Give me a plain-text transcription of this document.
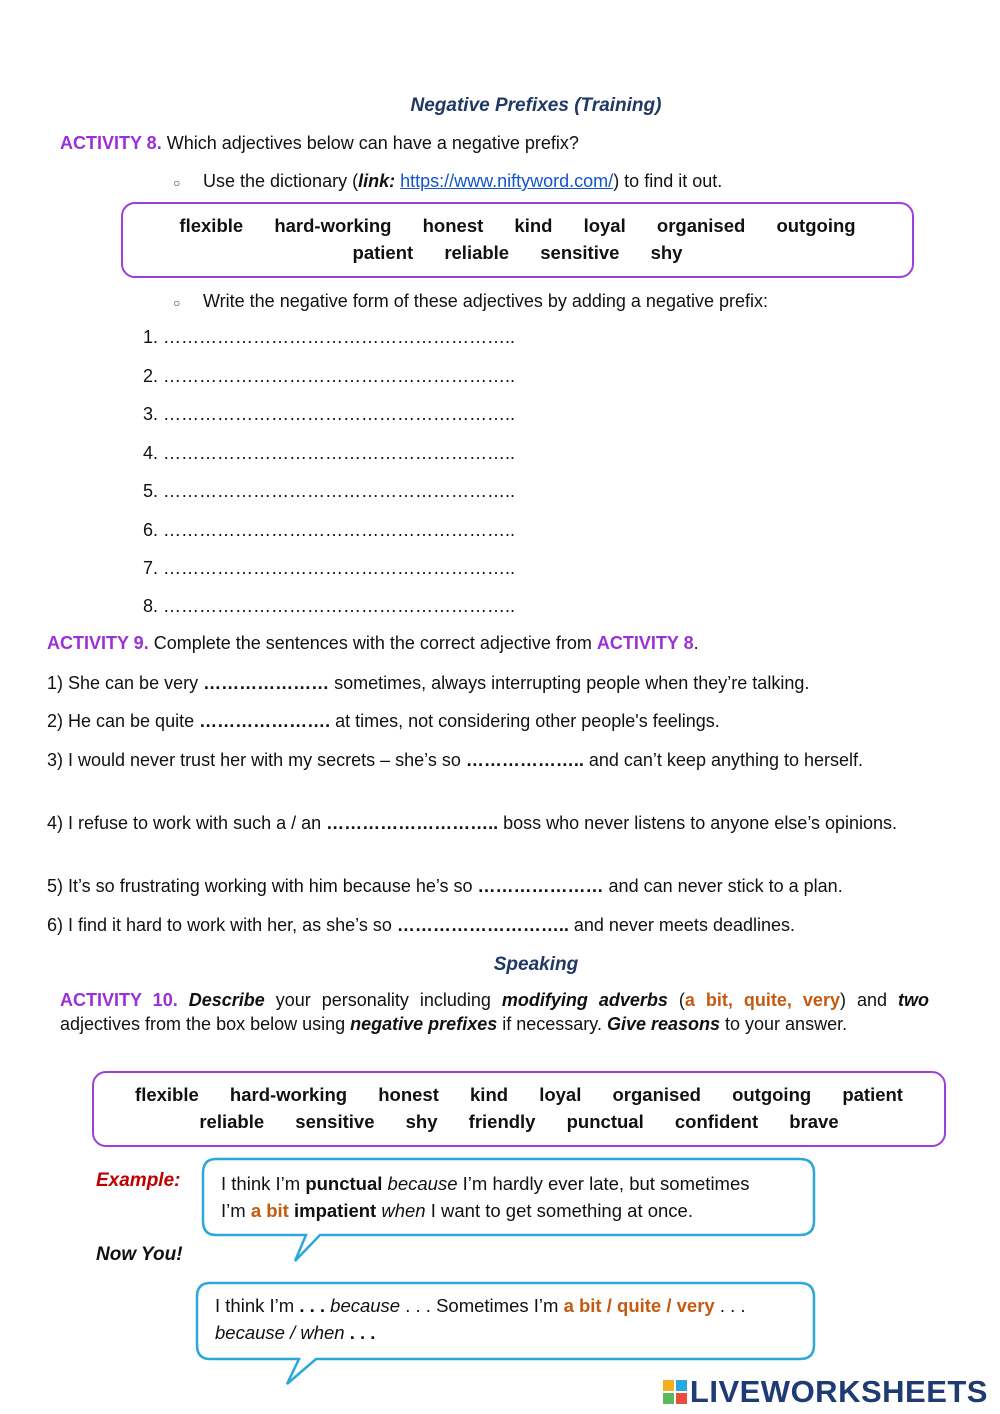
Negative Prefixes (Training)
ACTIVITY 8. Which adjectives below can have a negative prefix?
○ Use the dictionary (link: https://www.niftyword.com/) to find it out.
flexible hard-working honest kind loyal organised outgoing
patient reliable sensitive shy
○ Write the negative form of these adjectives by adding a negative prefix:
1. …………………………………………………..
2. …………………………………………………..
3. …………………………………………………..
4. …………………………………………………..
5. …………………………………………………..
6. …………………………………………………..
7. …………………………………………………..
8. …………………………………………………..
ACTIVITY 9. Complete the sentences with the correct adjective from ACTIVITY 8.
1) She can be very ………………… sometimes, always interrupting people when they’re talking.
2) He can be quite …………………. at times, not considering other people's feelings.
3) I would never trust her with my secrets – she’s so ……………….. and can’t keep anything to herself.
4) I refuse to work with such a / an ……………………….. boss who never listens to anyone else’s opinions.
5) It’s so frustrating working with him because he’s so ………………… and can never stick to a plan.
6) I find it hard to work with her, as she’s so ……………………….. and never meets deadlines.
Speaking
ACTIVITY 10. Describe your personality including modifying adverbs (a bit, quite, very) and two adjectives from the box below using negative prefixes if necessary. Give reasons to your answer.
flexible hard-working honest kind loyal organised outgoing patient
reliable sensitive shy friendly punctual confident brave
Example: I think I’m punctual because I’m hardly ever late, but sometimes
I’m a bit impatient when I want to get something at once.
Now You!
I think I’m . . . because . . . Sometimes I’m a bit / quite / very . . .
because / when . . .
LIVEWORKSHEETS
